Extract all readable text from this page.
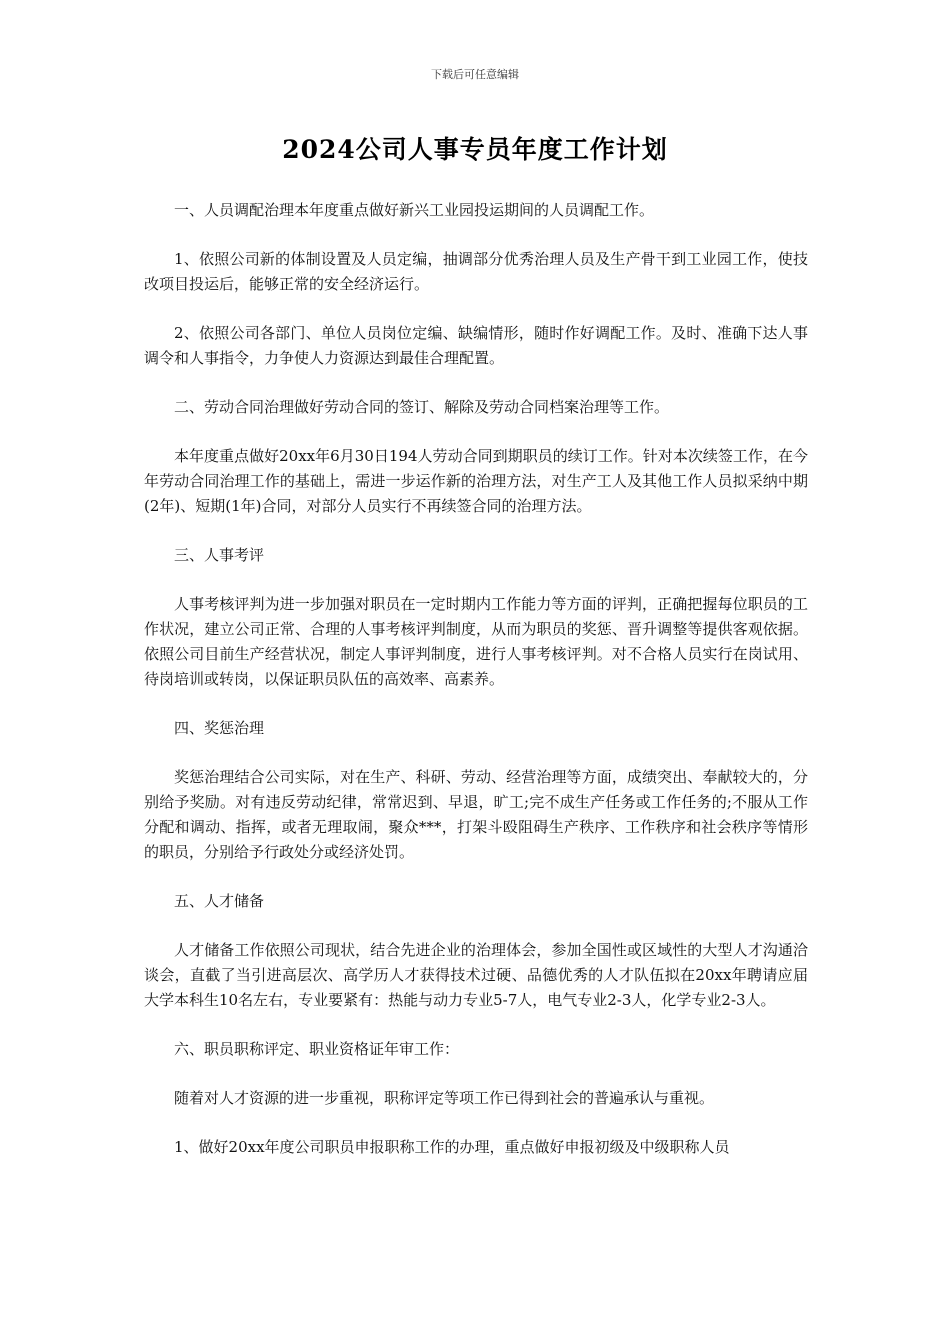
下载后可任意编辑
2024公司人事专员年度工作计划

一、人员调配治理本年度重点做好新兴工业园投运期间的人员调配工作。

1、依照公司新的体制设置及人员定编，抽调部分优秀治理人员及生产骨干到工业园工作，使技改项目投运后，能够正常的安全经济运行。

2、依照公司各部门、单位人员岗位定编、缺编情形，随时作好调配工作。及时、准确下达人事调令和人事指令，力争使人力资源达到最佳合理配置。

二、劳动合同治理做好劳动合同的签订、解除及劳动合同档案治理等工作。

本年度重点做好20xx年6月30日194人劳动合同到期职员的续订工作。针对本次续签工作，在今年劳动合同治理工作的基础上，需进一步运作新的治理方法，对生产工人及其他工作人员拟采纳中期(2年)、短期(1年)合同，对部分人员实行不再续签合同的治理方法。

三、人事考评

人事考核评判为进一步加强对职员在一定时期内工作能力等方面的评判，正确把握每位职员的工作状况，建立公司正常、合理的人事考核评判制度，从而为职员的奖惩、晋升调整等提供客观依据。依照公司目前生产经营状况，制定人事评判制度，进行人事考核评判。对不合格人员实行在岗试用、待岗培训或转岗，以保证职员队伍的高效率、高素养。

四、奖惩治理

奖惩治理结合公司实际，对在生产、科研、劳动、经营治理等方面，成绩突出、奉献较大的，分别给予奖励。对有违反劳动纪律，常常迟到、早退，旷工;完不成生产任务或工作任务的;不服从工作分配和调动、指挥，或者无理取闹，聚众***，打架斗殴阻碍生产秩序、工作秩序和社会秩序等情形的职员，分别给予行政处分或经济处罚。

五、人才储备

人才储备工作依照公司现状，结合先进企业的治理体会，参加全国性或区域性的大型人才沟通洽谈会，直截了当引进高层次、高学历人才获得技术过硬、品德优秀的人才队伍拟在20xx年聘请应届大学本科生10名左右，专业要紧有：热能与动力专业5-7人，电气专业2-3人，化学专业2-3人。

六、职员职称评定、职业资格证年审工作：

随着对人才资源的进一步重视，职称评定等项工作已得到社会的普遍承认与重视。

1、做好20xx年度公司职员申报职称工作的办理，重点做好申报初级及中级职称人员
